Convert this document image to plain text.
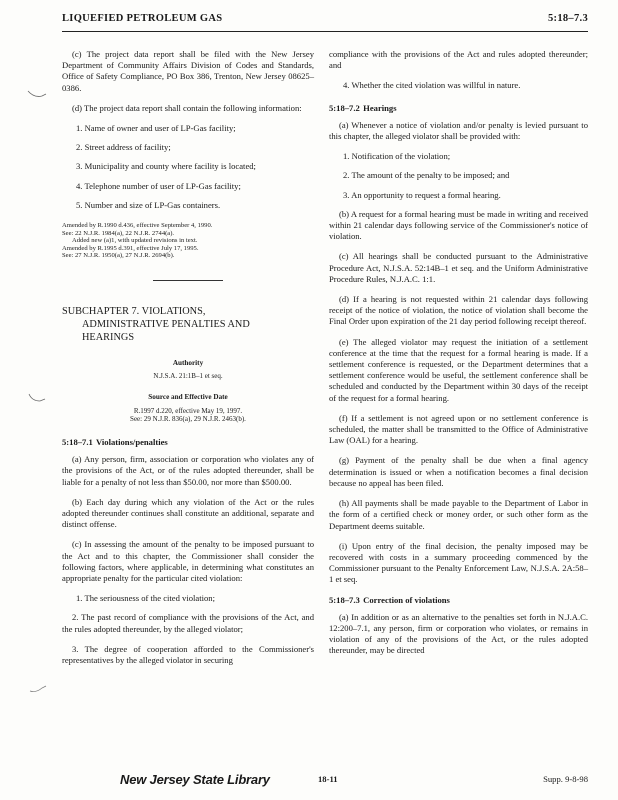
LIQUEFIED PETROLEUM GAS	5:18–7.3

(c) The project data report shall be filed with the New Jersey Department of Community Affairs Division of Codes and Standards, Office of Safety Compliance, PO Box 386, Trenton, New Jersey 08625–0386.

(d) The project data report shall contain the following information:

1. Name of owner and user of LP-Gas facility;

2. Street address of facility;

3. Municipality and county where facility is located;

4. Telephone number of user of LP-Gas facility;

5. Number and size of LP-Gas containers.

Amended by R.1990 d.436, effective September 4, 1990.

See: 22 N.J.R. 1984(a), 22 N.J.R. 2744(a).

Added new (a)1, with updated revisions in text.

Amended by R.1995 d.391, effective July 17, 1995.

See: 27 N.J.R. 1950(a), 27 N.J.R. 2694(b).

SUBCHAPTER 7. VIOLATIONS,
ADMINISTRATIVE PENALTIES AND
HEARINGS

Authority

N.J.S.A. 21:1B–1 et seq.

Source and Effective Date

R.1997 d.220, effective May 19, 1997.
See: 29 N.J.R. 836(a), 29 N.J.R. 2463(b).

5:18–7.1 Violations/penalties

(a) Any person, firm, association or corporation who violates any of the provisions of the Act, or of the rules adopted thereunder, shall be liable for a penalty of not less than $50.00, nor more than $500.00.

(b) Each day during which any violation of the Act or the rules adopted thereunder continues shall constitute an additional, separate and distinct offense.

(c) In assessing the amount of the penalty to be imposed pursuant to the Act and to this chapter, the Commissioner shall consider the following factors, where applicable, in determining what constitutes an appropriate penalty for the particular cited violation:

1. The seriousness of the cited violation;

2. The past record of compliance with the provisions of the Act, and the rules adopted thereunder, by the alleged violator;

3. The degree of cooperation afforded to the Commissioner's representatives by the alleged violator in securing

compliance with the provisions of the Act and rules adopted thereunder; and

4. Whether the cited violation was willful in nature.

5:18–7.2 Hearings

(a) Whenever a notice of violation and/or penalty is levied pursuant to this chapter, the alleged violator shall be provided with:

1. Notification of the violation;

2. The amount of the penalty to be imposed; and

3. An opportunity to request a formal hearing.

(b) A request for a formal hearing must be made in writing and received within 21 calendar days following service of the Commissioner's notice of violation.

(c) All hearings shall be conducted pursuant to the Administrative Procedure Act, N.J.S.A. 52:14B–1 et seq. and the Uniform Administrative Procedure Rules, N.J.A.C. 1:1.

(d) If a hearing is not requested within 21 calendar days following receipt of the notice of violation, the notice of violation shall become the Final Order upon expiration of the 21 day period following receipt thereof.

(e) The alleged violator may request the initiation of a settlement conference at the time that the request for a formal hearing is made. If a settlement conference is requested, or the Department determines that a settlement conference would be useful, the settlement conference shall be scheduled and conducted by the Department within 30 days of the receipt of the request for a formal hearing.

(f) If a settlement is not agreed upon or no settlement conference is scheduled, the matter shall be transmitted to the Office of Administrative Law (OAL) for a hearing.

(g) Payment of the penalty shall be due when a final agency determination is issued or when a notification becomes a final decision because no appeal has been filed.

(h) All payments shall be made payable to the Department of Labor in the form of a certified check or money order, or such other form as the Department deems suitable.

(i) Upon entry of the final decision, the penalty imposed may be recovered with costs in a summary proceeding commenced by the Commissioner pursuant to the Penalty Enforcement Law, N.J.S.A. 2A:58–1 et seq.

5:18–7.3 Correction of violations

(a) In addition or as an alternative to the penalties set forth in N.J.A.C. 12:200–7.1, any person, firm or corporation who violates, or remains in violation of any of the provisions of the Act, or the rules adopted thereunder, may be directed

New Jersey State Library	18-11	Supp. 9-8-98
